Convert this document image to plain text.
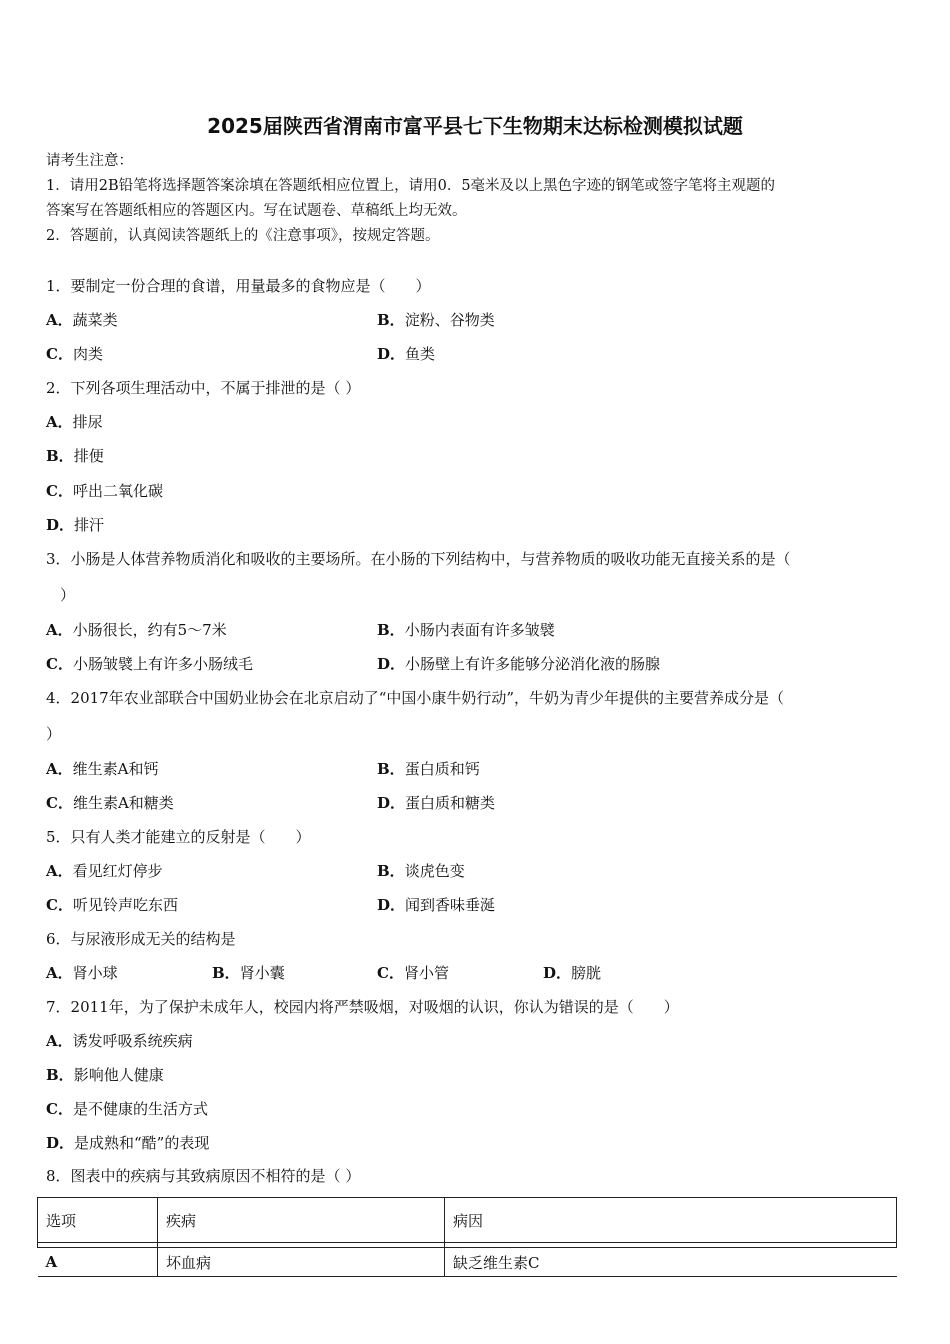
2025届陕西省渭南市富平县七下生物期末达标检测模拟试题
请考生注意：
1．请用2B铅笔将选择题答案涂填在答题纸相应位置上，请用0．5毫米及以上黑色字迹的钢笔或签字笔将主观题的
答案写在答题纸相应的答题区内。写在试题卷、草稿纸上均无效。
2．答题前，认真阅读答题纸上的《注意事项》，按规定答题。
1．要制定一份合理的食谱，用量最多的食物应是（　　）
A．蔬菜类	B．淀粉、谷物类
C．肉类	D．鱼类
2．下列各项生理活动中，不属于排泄的是（ ）
A．排尿
B．排便
C．呼出二氧化碳
D．排汗
3．小肠是人体营养物质消化和吸收的主要场所。在小肠的下列结构中，与营养物质的吸收功能无直接关系的是（
）
A．小肠很长，约有5～7米	B．小肠内表面有许多皱襞
C．小肠皱襞上有许多小肠绒毛	D．小肠壁上有许多能够分泌消化液的肠腺
4．2017年农业部联合中国奶业协会在北京启动了“中国小康牛奶行动”，牛奶为青少年提供的主要营养成分是（
）
A．维生素A和钙	B．蛋白质和钙
C．维生素A和糖类	D．蛋白质和糖类
5．只有人类才能建立的反射是（　　）
A．看见红灯停步	B．谈虎色变
C．听见铃声吃东西	D．闻到香味垂涎
6．与尿液形成无关的结构是
A．肾小球	B．肾小囊	C．肾小管	D．膀胱
7．2011年，为了保护未成年人，校园内将严禁吸烟，对吸烟的认识，你认为错误的是（　　）
A．诱发呼吸系统疾病
B．影响他人健康
C．是不健康的生活方式
D．是成熟和“酷”的表现
8．图表中的疾病与其致病原因不相符的是（ ）
选项	疾病	病因

A	坏血病	缺乏维生素C
